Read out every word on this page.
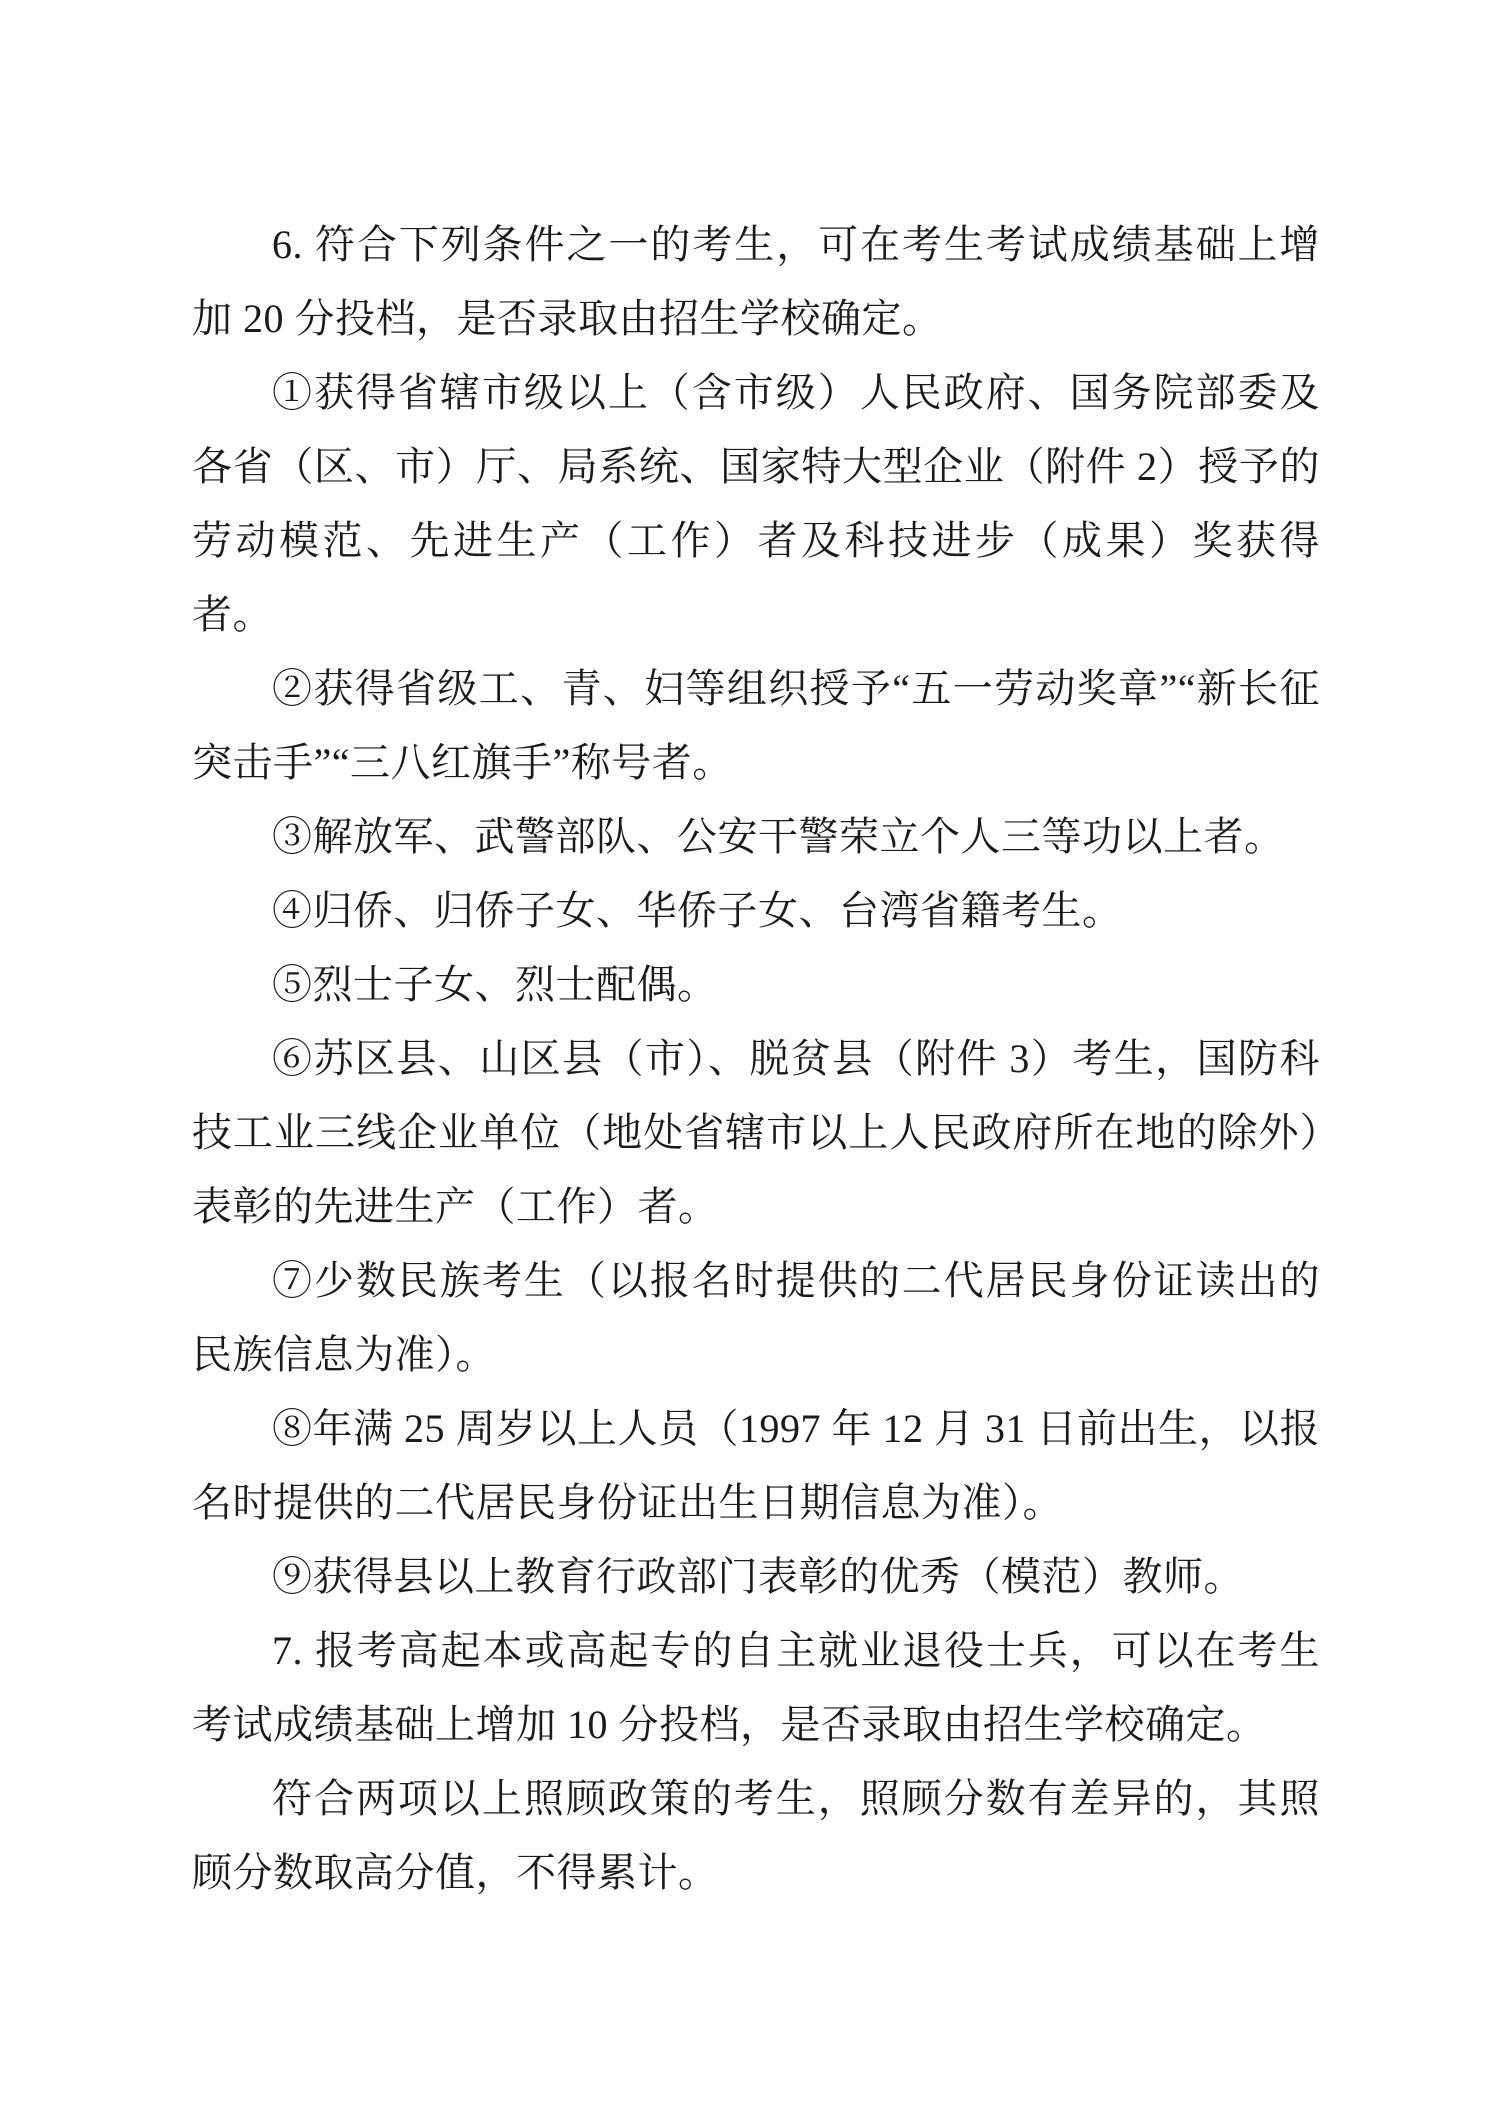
6. 符合下列条件之一的考生，可在考生考试成绩基础上增加 20 分投档，是否录取由招生学校确定。

①获得省辖市级以上（含市级）人民政府、国务院部委及各省（区、市）厅、局系统、国家特大型企业（附件 2）授予的劳动模范、先进生产（工作）者及科技进步（成果）奖获得者。

②获得省级工、青、妇等组织授予“五一劳动奖章”“新长征突击手”“三八红旗手”称号者。

③解放军、武警部队、公安干警荣立个人三等功以上者。

④归侨、归侨子女、华侨子女、台湾省籍考生。

⑤烈士子女、烈士配偶。

⑥苏区县、山区县（市）、脱贫县（附件 3）考生，国防科技工业三线企业单位（地处省辖市以上人民政府所在地的除外）表彰的先进生产（工作）者。

⑦少数民族考生（以报名时提供的二代居民身份证读出的民族信息为准）。

⑧年满 25 周岁以上人员（1997 年 12 月 31 日前出生，以报名时提供的二代居民身份证出生日期信息为准）。

⑨获得县以上教育行政部门表彰的优秀（模范）教师。

7. 报考高起本或高起专的自主就业退役士兵，可以在考生考试成绩基础上增加 10 分投档，是否录取由招生学校确定。

符合两项以上照顾政策的考生，照顾分数有差异的，其照顾分数取高分值，不得累计。
